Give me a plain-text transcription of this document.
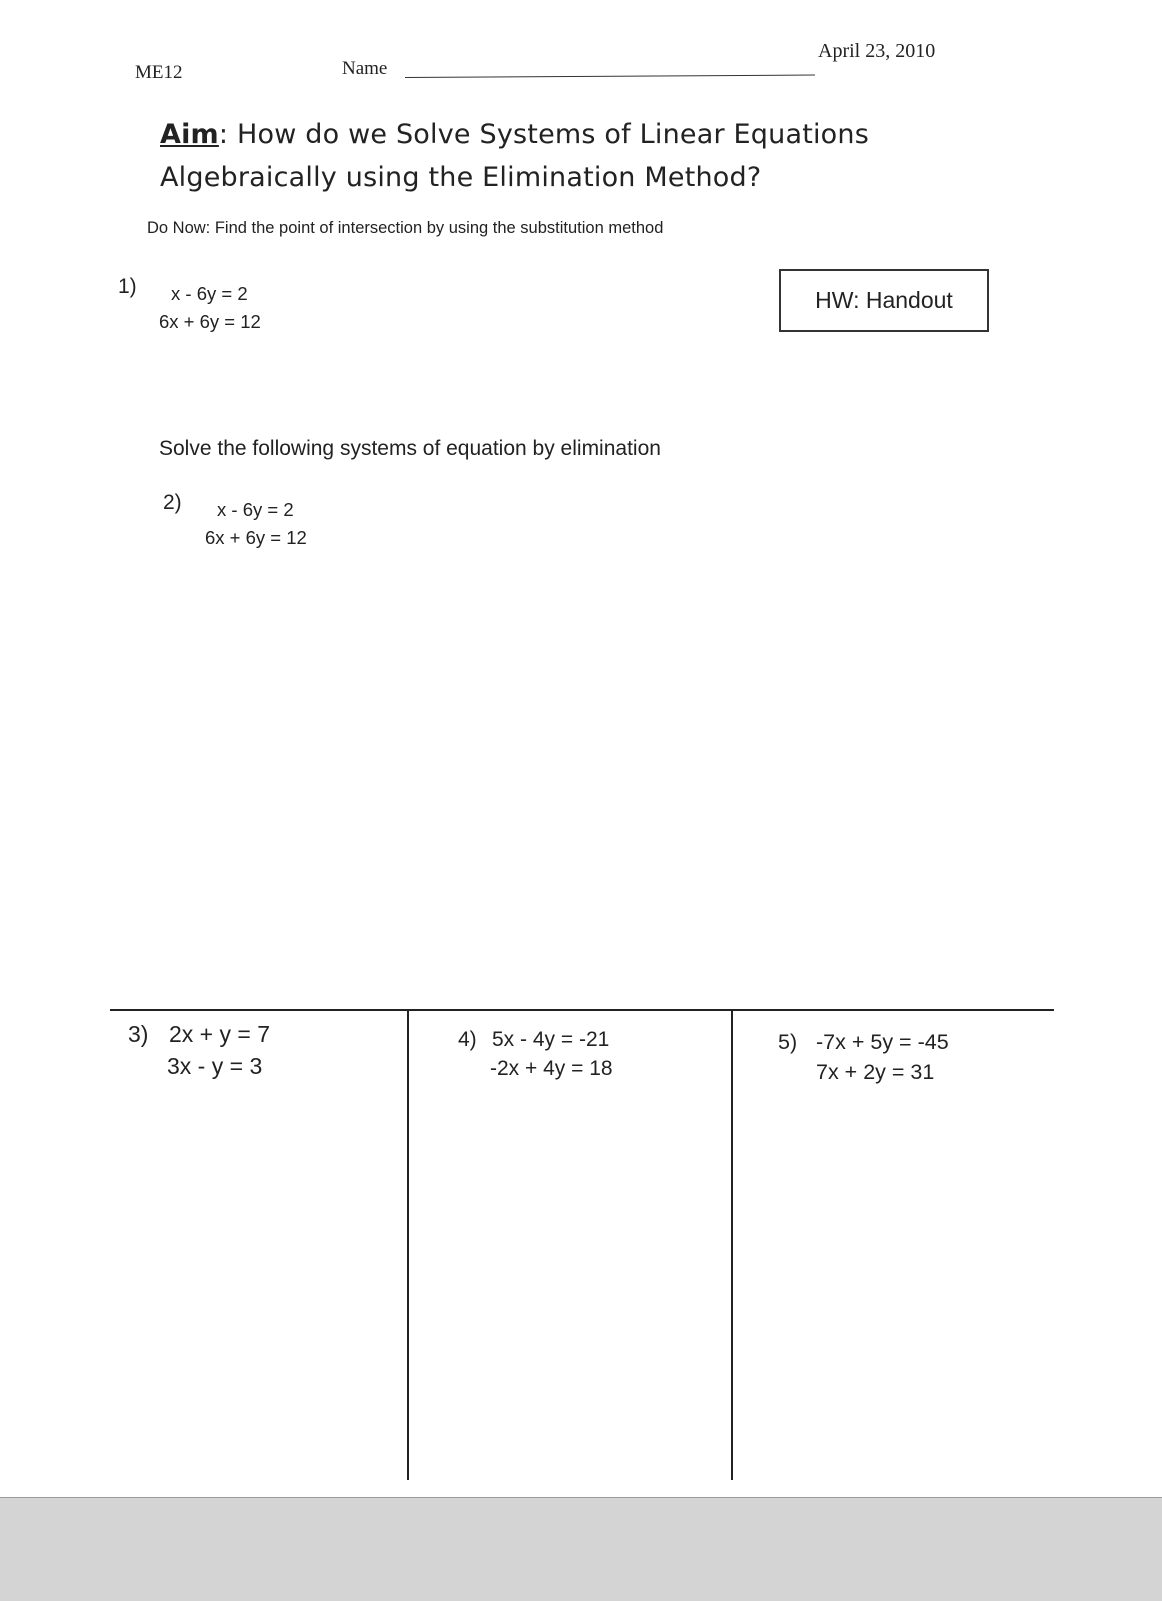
ME12	Name
April 23, 2010
Aim: How do we Solve Systems of Linear Equations
Algebraically using the Elimination Method?
Do Now: Find the point of intersection by using the substitution method
1) x - 6y = 2
6x + 6y = 12
HW: Handout
Solve the following systems of equation by elimination
2) x - 6y = 2
6x + 6y = 12
3) 2x + y = 7
3x - y = 3
4) 5x - 4y = -21
-2x + 4y = 18
5) -7x + 5y = -45
7x + 2y = 31
